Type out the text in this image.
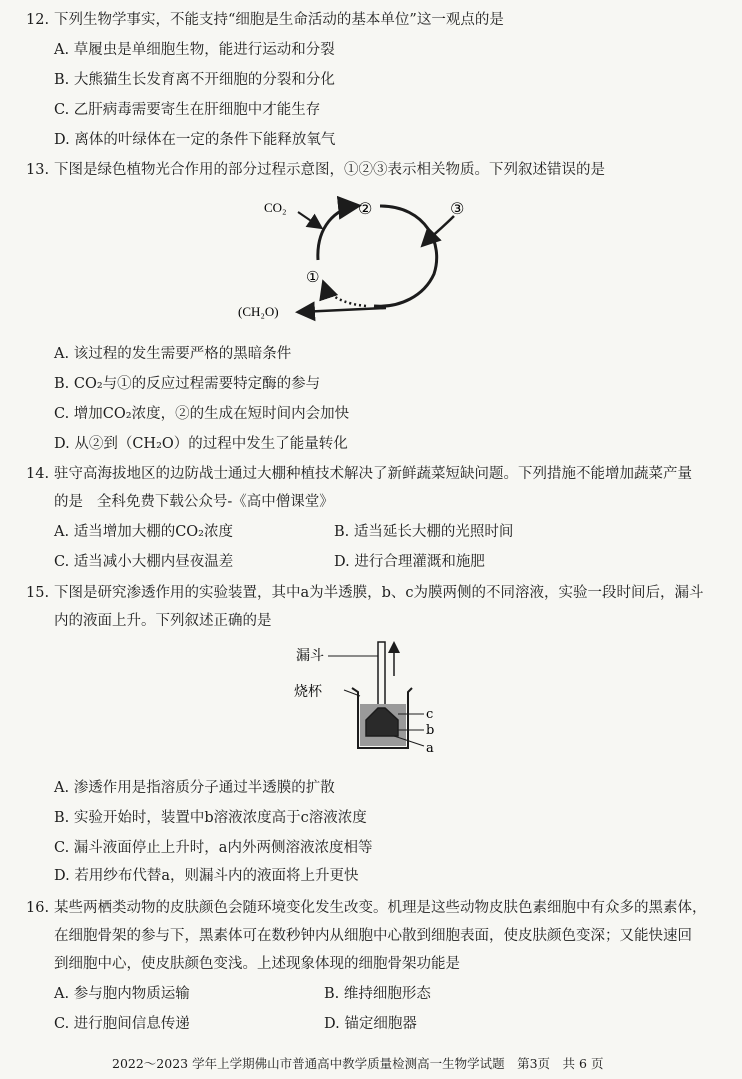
12. 下列生物学事实，不能支持“细胞是生命活动的基本单位”这一观点的是
A. 草履虫是单细胞生物，能进行运动和分裂
B. 大熊猫生长发育离不开细胞的分裂和分化
C. 乙肝病毒需要寄生在肝细胞中才能生存
D. 离体的叶绿体在一定的条件下能释放氧气
13. 下图是绿色植物光合作用的部分过程示意图，①②③表示相关物质。下列叙述错误的是
CO₂	②	③
①
(CH₂O)
A. 该过程的发生需要严格的黑暗条件
B. CO₂与①的反应过程需要特定酶的参与
C. 增加CO₂浓度，②的生成在短时间内会加快
D. 从②到（CH₂O）的过程中发生了能量转化
14. 驻守高海拔地区的边防战士通过大棚种植技术解决了新鲜蔬菜短缺问题。下列措施不能增加蔬菜产量
的是 全科免费下载公众号-《高中僧课堂》
A. 适当增加大棚的CO₂浓度	B. 适当延长大棚的光照时间
C. 适当减小大棚内昼夜温差	D. 进行合理灌溉和施肥
15. 下图是研究渗透作用的实验装置，其中a为半透膜，b、c为膜两侧的不同溶液，实验一段时间后，漏斗
内的液面上升。下列叙述正确的是
漏斗
烧杯
c
b
a
A. 渗透作用是指溶质分子通过半透膜的扩散
B. 实验开始时，装置中b溶液浓度高于c溶液浓度
C. 漏斗液面停止上升时，a内外两侧溶液浓度相等
D. 若用纱布代替a，则漏斗内的液面将上升更快
16. 某些两栖类动物的皮肤颜色会随环境变化发生改变。机理是这些动物皮肤色素细胞中有众多的黑素体，
在细胞骨架的参与下，黑素体可在数秒钟内从细胞中心散到细胞表面，使皮肤颜色变深；又能快速回
到细胞中心，使皮肤颜色变浅。上述现象体现的细胞骨架功能是
A. 参与胞内物质运输	B. 维持细胞形态
C. 进行胞间信息传递	D. 锚定细胞器
2022～2023 学年上学期佛山市普通高中教学质量检测高一生物学试题　第3页　共 6 页
